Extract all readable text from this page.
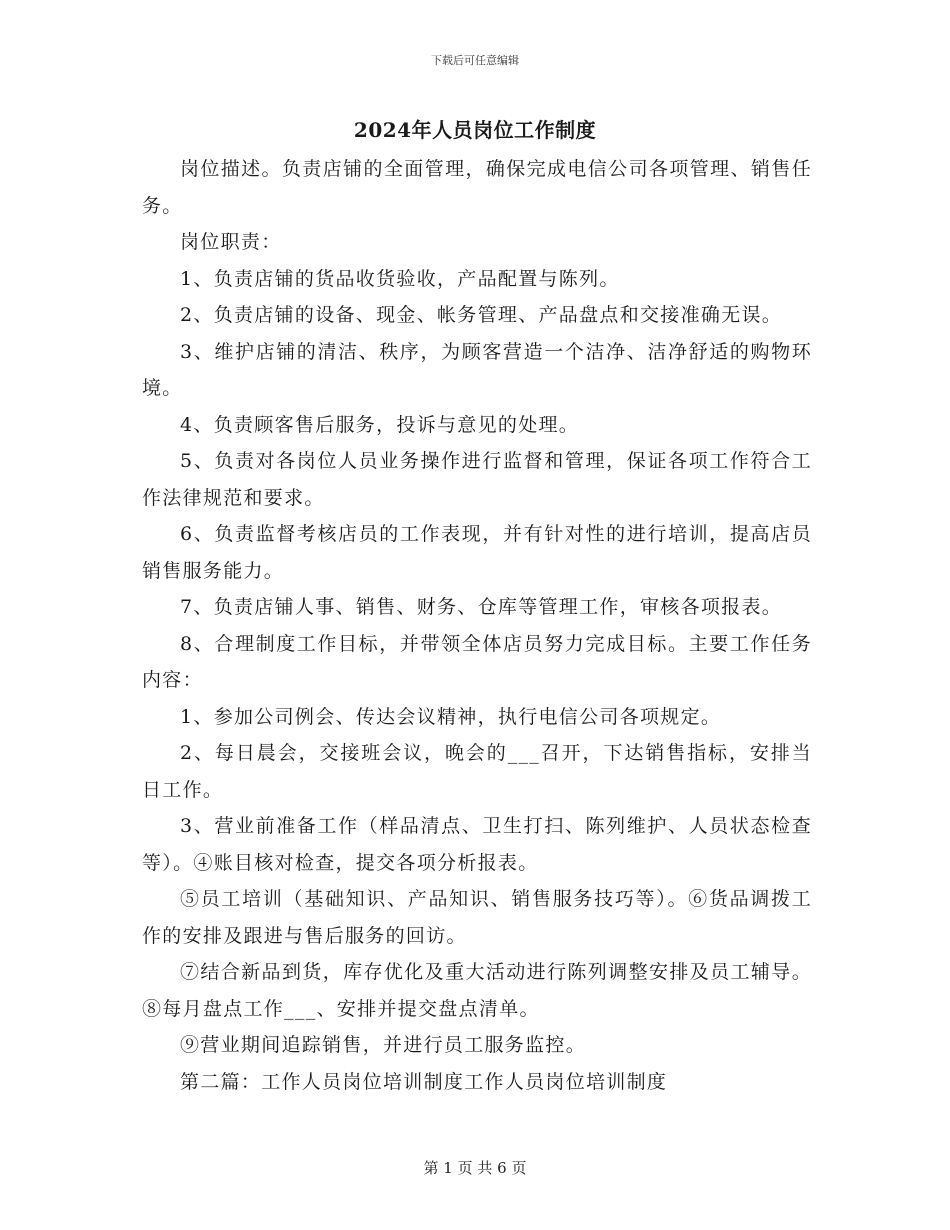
下载后可任意编辑
2024年人员岗位工作制度

岗位描述。负责店铺的全面管理，确保完成电信公司各项管理、销售任务。

岗位职责：

1、负责店铺的货品收货验收，产品配置与陈列。

2、负责店铺的设备、现金、帐务管理、产品盘点和交接准确无误。

3、维护店铺的清洁、秩序，为顾客营造一个洁净、洁净舒适的购物环境。

4、负责顾客售后服务，投诉与意见的处理。

5、负责对各岗位人员业务操作进行监督和管理，保证各项工作符合工作法律规范和要求。

6、负责监督考核店员的工作表现，并有针对性的进行培训，提高店员销售服务能力。

7、负责店铺人事、销售、财务、仓库等管理工作，审核各项报表。

8、合理制度工作目标，并带领全体店员努力完成目标。主要工作任务内容：

1、参加公司例会、传达会议精神，执行电信公司各项规定。

2、每日晨会，交接班会议，晚会的___召开，下达销售指标，安排当日工作。

3、营业前准备工作（样品清点、卫生打扫、陈列维护、人员状态检查等）。④账目核对检查，提交各项分析报表。

⑤员工培训（基础知识、产品知识、销售服务技巧等）。⑥货品调拨工作的安排及跟进与售后服务的回访。

⑦结合新品到货，库存优化及重大活动进行陈列调整安排及员工辅导。⑧每月盘点工作___、安排并提交盘点清单。

⑨营业期间追踪销售，并进行员工服务监控。

第二篇：工作人员岗位培训制度工作人员岗位培训制度

第 1 页 共 6 页
